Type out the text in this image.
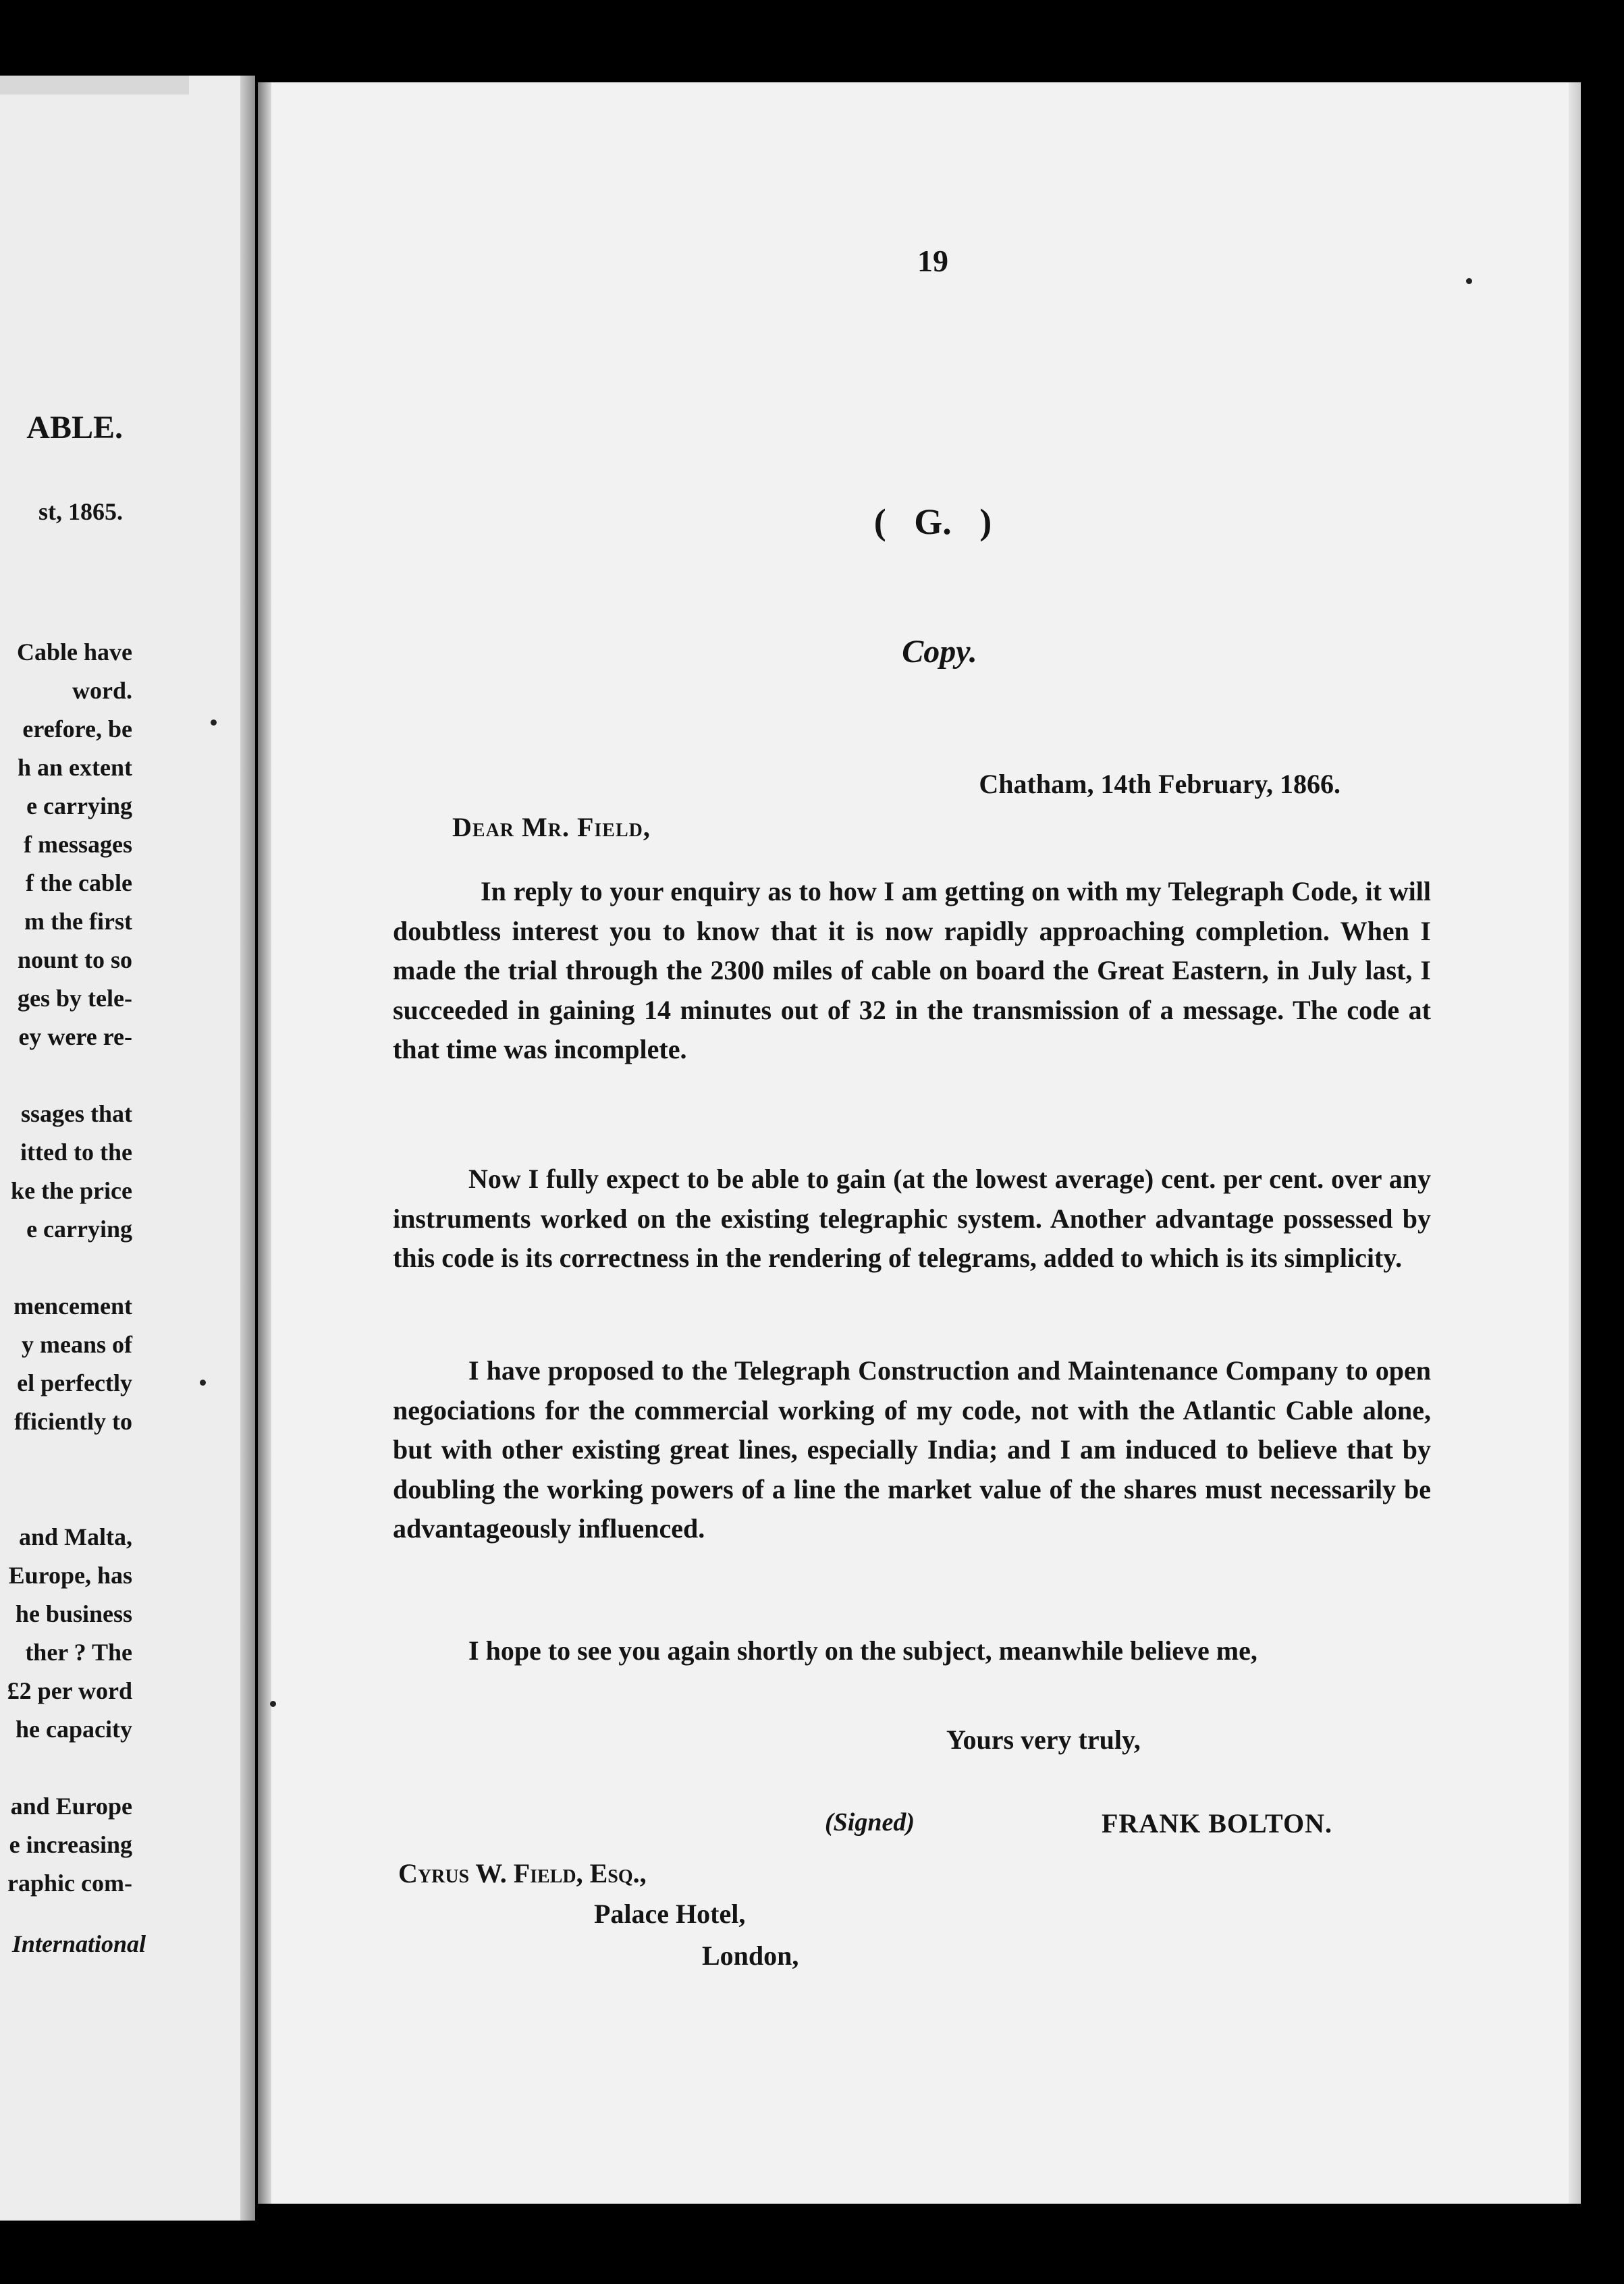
ABLE.
st, 1865.
Cable have
word.
erefore, be
h an extent
e carrying
f messages
f the cable
m the first
nount to so
ges by tele-
ey were re-
ssages that
itted to the
ke the price
e carrying
mencement
y means of
el perfectly
fficiently to
and Malta,
Europe, has
he business
ther ? The
£2 per word
he capacity
and Europe
e increasing
raphic com-
International
19
( G. )
Copy.
Chatham, 14th February, 1866.
Dear Mr. Field,
In reply to your enquiry as to how I am getting on with my Telegraph Code, it will doubtless interest you to know that it is now rapidly approaching completion. When I made the trial through the 2300 miles of cable on board the Great Eastern, in July last, I succeeded in gaining 14 minutes out of 32 in the transmission of a message. The code at that time was incomplete.
Now I fully expect to be able to gain (at the lowest average) cent. per cent. over any instruments worked on the existing telegraphic system. Another advantage possessed by this code is its correctness in the rendering of telegrams, added to which is its simplicity.
I have proposed to the Telegraph Construction and Maintenance Company to open negociations for the commercial working of my code, not with the Atlantic Cable alone, but with other existing great lines, especially India; and I am induced to believe that by doubling the working powers of a line the market value of the shares must necessarily be advantageously influenced.
I hope to see you again shortly on the subject, meanwhile believe me,
Yours very truly,
(Signed)	FRANK BOLTON.
Cyrus W. Field, Esq.,
Palace Hotel,
London,
